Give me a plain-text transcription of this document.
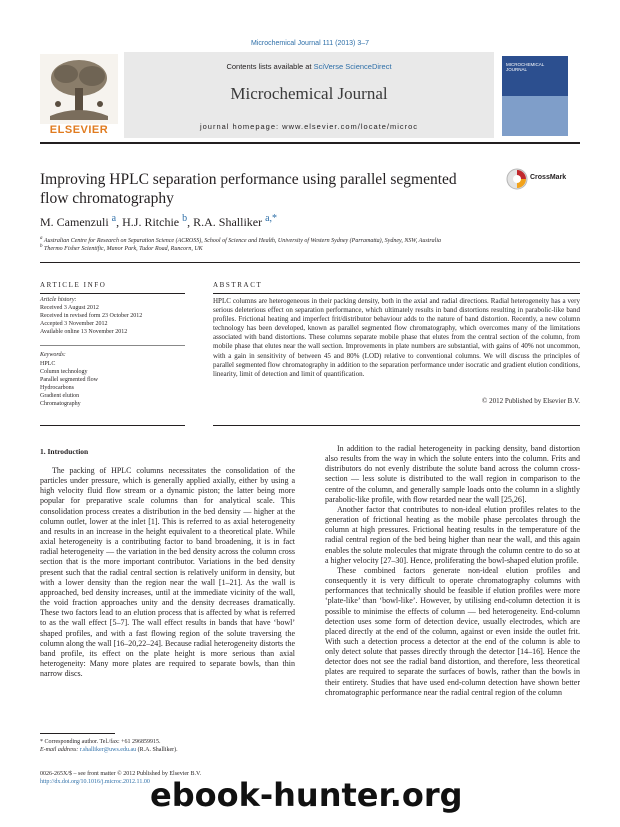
Microchemical Journal 111 (2013) 3–7
ELSEVIER
Contents lists available at SciVerse ScienceDirect
Microchemical Journal
journal homepage: www.elsevier.com/locate/microc
MICROCHEMICAL JOURNAL
Improving HPLC separation performance using parallel segmented
flow chromatography
CrossMark
M. Camenzuli $^a$, H.J. Ritchie $^b$, R.A. Shalliker $^{a,*}$
$^a$ Australian Centre for Research on Separation Science (ACROSS), School of Science and Health, University of Western Sydney (Parramatta), Sydney, NSW, Australia
$^b$ Thermo Fisher Scientific, Manor Park, Tudor Road, Runcorn, UK
ARTICLE INFO
Article history:
Received 3 August 2012
Received in revised form 23 October 2012
Accepted 3 November 2012
Available online 13 November 2012
Keywords:
HPLC
Column technology
Parallel segmented flow
Hydrocarbons
Gradient elution
Chromatography
ABSTRACT

HPLC columns are heterogeneous in their packing density, both in the axial and radial directions. Radial heterogeneity has a very serious deleterious effect on separation performance, which ultimately results in band distortions resulting in parabolic-like band profiles. Frictional heating and imperfect frit/distributor behaviour adds to the nature of band distortion. Recently, a new column technology has been developed, known as parallel segmented flow chromatography, which overcomes many of the limitations associated with band distortions. These columns separate mobile phase that elutes from the central section of the column, from mobile phase that elutes near the wall section. Improvements in plate numbers are substantial, with gains of 40% not uncommon, with a gain in sensitivity of between 45 and 80% (LOD) relative to conventional columns. We will discuss the principles of parallel segmented flow chromatography in addition to the separation performance under isocratic and gradient elution conditions, linearity, limit of detection and limit of quantification.

© 2012 Published by Elsevier B.V.
1. Introduction

The packing of HPLC columns necessitates the consolidation of the particles under pressure, which is generally applied axially, either by using a high velocity fluid flow stream or a dynamic piston; the latter being more popular for preparative scale columns than for analytical scale. This consolidation process creates a distribution in the bed density — higher at the column outlet, lower at the inlet [1]. This is referred to as axial heterogeneity and results in an increase in the height equivalent to a theoretical plate. While axial heterogeneity is a contributing factor to band broadening, it is in fact radial heterogeneity — the variation in the bed density across the column cross section that is the more important contributor. Variations in the bed density present such that the radial central section is relatively uniform in density, but with a lower density than the region near the wall [1–21]. As the wall is approached, bed density increases, until at the immediate vicinity of the wall, the void fraction approaches unity and the density decreases dramatically. These two factors lead to an elution process that is affected by what is referred to as the wall effect [5–7]. The wall effect results in bands that have ‘bowl’ shaped profiles, and with a fast flowing region of the solute traversing the column along the wall [16–20,22–24]. Because radial heterogeneity distorts the band profile, its effect on the plate height is more serious than axial heterogeneity: Many more plates are required to separate bowls, than thin narrow discs.

In addition to the radial heterogeneity in packing density, band distortion also results from the way in which the solute enters into the column. Frits and distributors do not evenly distribute the solute band across the column cross-section — less solute is distributed to the wall region in comparison to the centre of the column, and generally sample loads onto the column in a slightly parabolic-like profile, with flow retarded near the wall [25,26].

Another factor that contributes to non-ideal elution profiles relates to the generation of frictional heating as the mobile phase percolates through the column at high pressures. Frictional heating results in the temperature of the radial central region of the bed being higher than near the wall, and this again enables the solute molecules that migrate through the column centre to do so at a higher velocity [27–30]. Hence, proliferating the bowl-shaped elution profile.

These combined factors generate non-ideal elution profiles and consequently it is very difficult to operate chromatography columns with performances that technically should be feasible if elution profiles were more ‘plate-like’ than ‘bowl-like’. However, by utilising end-column detection it is possible to minimise the effects of column — bed heterogeneity. End-column detection uses some form of detection device, usually electrodes, which are placed directly at the end of the column, against or even inside the outlet frit. With such a detection process a detector at the end of the column is able to only detect solute that passes directly through the detector [14–16]. Hence the detector does not see the radial band distortion, and therefore, less theoretical plates are required to separate the surfaces of bowls, rather than the bowls in their entirety. Studies that have used end-column detection have shown better chromatographic performance near the radial central region of the column

* Corresponding author. Tel./fax: +61 296859915.
E-mail address: r.shalliker@uws.edu.au (R.A. Shalliker).
0026-265X/$ – see front matter © 2012 Published by Elsevier B.V.
http://dx.doi.org/10.1016/j.microc.2012.11.00 ebook-hunter.org
